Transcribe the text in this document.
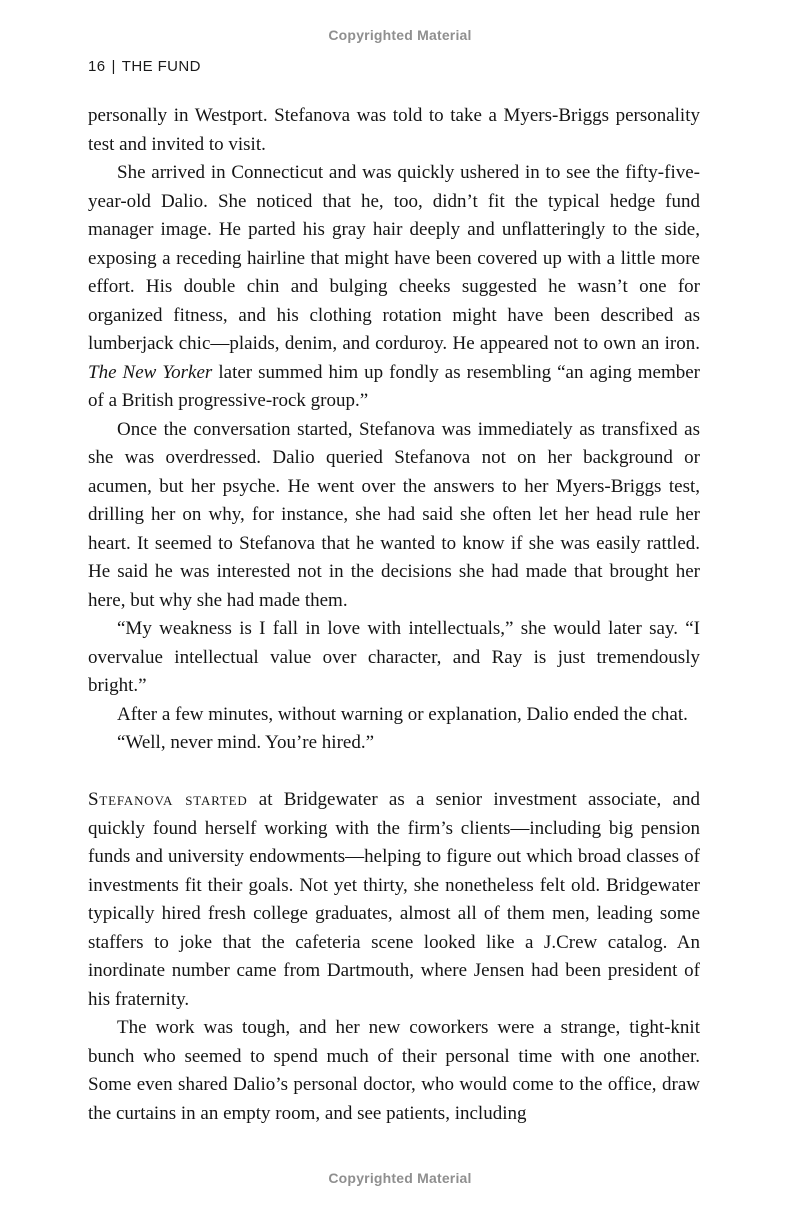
Copyrighted Material
16 | THE FUND

personally in Westport. Stefanova was told to take a Myers-Briggs personality test and invited to visit.

She arrived in Connecticut and was quickly ushered in to see the fifty-five-year-old Dalio. She noticed that he, too, didn’t fit the typical hedge fund manager image. He parted his gray hair deeply and unflatteringly to the side, exposing a receding hairline that might have been covered up with a little more effort. His double chin and bulging cheeks suggested he wasn’t one for organized fitness, and his clothing rotation might have been described as lumberjack chic—plaids, denim, and corduroy. He appeared not to own an iron. The New Yorker later summed him up fondly as resembling “an aging member of a British progressive-rock group.”

Once the conversation started, Stefanova was immediately as transfixed as she was overdressed. Dalio queried Stefanova not on her background or acumen, but her psyche. He went over the answers to her Myers-Briggs test, drilling her on why, for instance, she had said she often let her head rule her heart. It seemed to Stefanova that he wanted to know if she was easily rattled. He said he was interested not in the decisions she had made that brought her here, but why she had made them.

“My weakness is I fall in love with intellectuals,” she would later say. “I overvalue intellectual value over character, and Ray is just tremendously bright.”

After a few minutes, without warning or explanation, Dalio ended the chat.

“Well, never mind. You’re hired.”

Stefanova started at Bridgewater as a senior investment associate, and quickly found herself working with the firm’s clients—including big pension funds and university endowments—helping to figure out which broad classes of investments fit their goals. Not yet thirty, she nonetheless felt old. Bridgewater typically hired fresh college graduates, almost all of them men, leading some staffers to joke that the cafeteria scene looked like a J.Crew catalog. An inordinate number came from Dartmouth, where Jensen had been president of his fraternity.

The work was tough, and her new coworkers were a strange, tight-knit bunch who seemed to spend much of their personal time with one another. Some even shared Dalio’s personal doctor, who would come to the office, draw the curtains in an empty room, and see patients, including

Copyrighted Material
